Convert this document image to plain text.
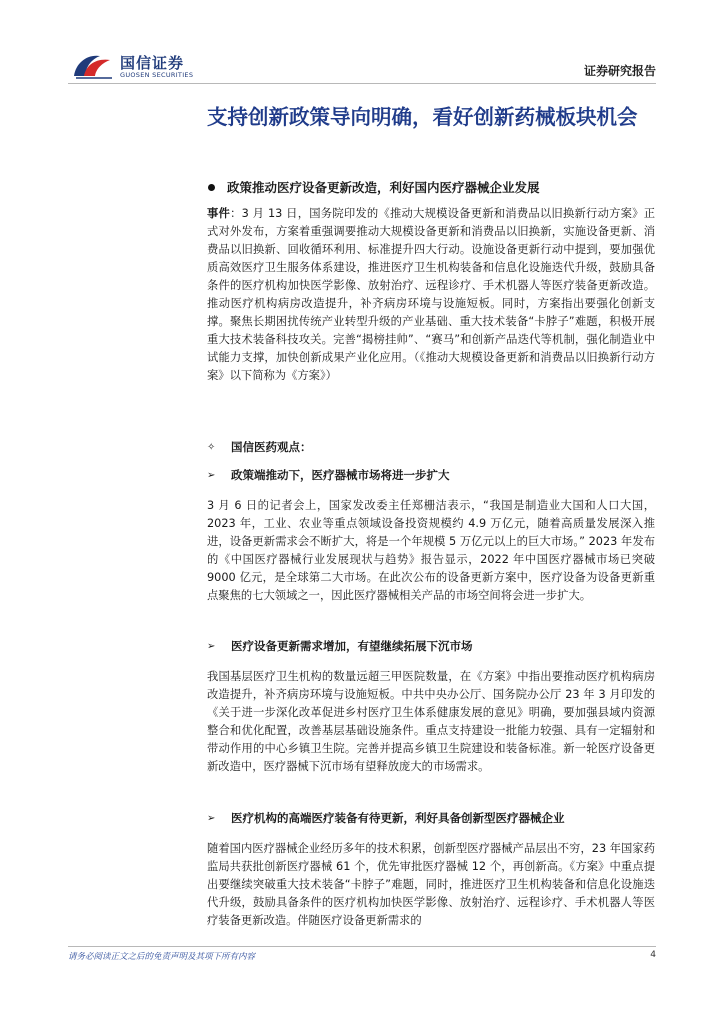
国信证券
GUOSEN SECURITIES	证券研究报告
支持创新政策导向明确，看好创新药械板块机会
政策推动医疗设备更新改造，利好国内医疗器械企业发展

事件：3 月 13 日，国务院印发的《推动大规模设备更新和消费品以旧换新行动方案》正式对外发布，方案着重强调要推动大规模设备更新和消费品以旧换新，实施设备更新、消费品以旧换新、回收循环利用、标准提升四大行动。设施设备更新行动中提到，要加强优质高效医疗卫生服务体系建设，推进医疗卫生机构装备和信息化设施迭代升级，鼓励具备条件的医疗机构加快医学影像、放射治疗、远程诊疗、手术机器人等医疗装备更新改造。推动医疗机构病房改造提升，补齐病房环境与设施短板。同时，方案指出要强化创新支撑。聚焦长期困扰传统产业转型升级的产业基础、重大技术装备“卡脖子”难题，积极开展重大技术装备科技攻关。完善“揭榜挂帅”、“赛马”和创新产品迭代等机制，强化制造业中试能力支撑，加快创新成果产业化应用。（《推动大规模设备更新和消费品以旧换新行动方案》以下简称为《方案》）

✧	国信医药观点：
➢	政策端推动下，医疗器械市场将进一步扩大

3 月 6 日的记者会上，国家发改委主任郑栅洁表示，“我国是制造业大国和人口大国，2023 年，工业、农业等重点领域设备投资规模约 4.9 万亿元，随着高质量发展深入推进，设备更新需求会不断扩大，将是一个年规模 5 万亿元以上的巨大市场。” 2023 年发布的《中国医疗器械行业发展现状与趋势》报告显示，2022 年中国医疗器械市场已突破 9000 亿元，是全球第二大市场。在此次公布的设备更新方案中，医疗设备为设备更新重点聚焦的七大领域之一，因此医疗器械相关产品的市场空间将会进一步扩大。

➢	医疗设备更新需求增加，有望继续拓展下沉市场

我国基层医疗卫生机构的数量远超三甲医院数量，在《方案》中指出要推动医疗机构病房改造提升，补齐病房环境与设施短板。中共中央办公厅、国务院办公厅 23 年 3 月印发的《关于进一步深化改革促进乡村医疗卫生体系健康发展的意见》明确，要加强县域内资源整合和优化配置，改善基层基础设施条件。重点支持建设一批能力较强、具有一定辐射和带动作用的中心乡镇卫生院。完善并提高乡镇卫生院建设和装备标准。新一轮医疗设备更新改造中，医疗器械下沉市场有望释放庞大的市场需求。

➢	医疗机构的高端医疗装备有待更新，利好具备创新型医疗器械企业

随着国内医疗器械企业经历多年的技术积累，创新型医疗器械产品层出不穷，23 年国家药监局共获批创新医疗器械 61 个，优先审批医疗器械 12 个，再创新高。《方案》中重点提出要继续突破重大技术装备“卡脖子”难题，同时，推进医疗卫生机构装备和信息化设施迭代升级，鼓励具备条件的医疗机构加快医学影像、放射治疗、远程诊疗、手术机器人等医疗装备更新改造。伴随医疗设备更新需求的

请务必阅读正文之后的免责声明及其项下所有内容	4
